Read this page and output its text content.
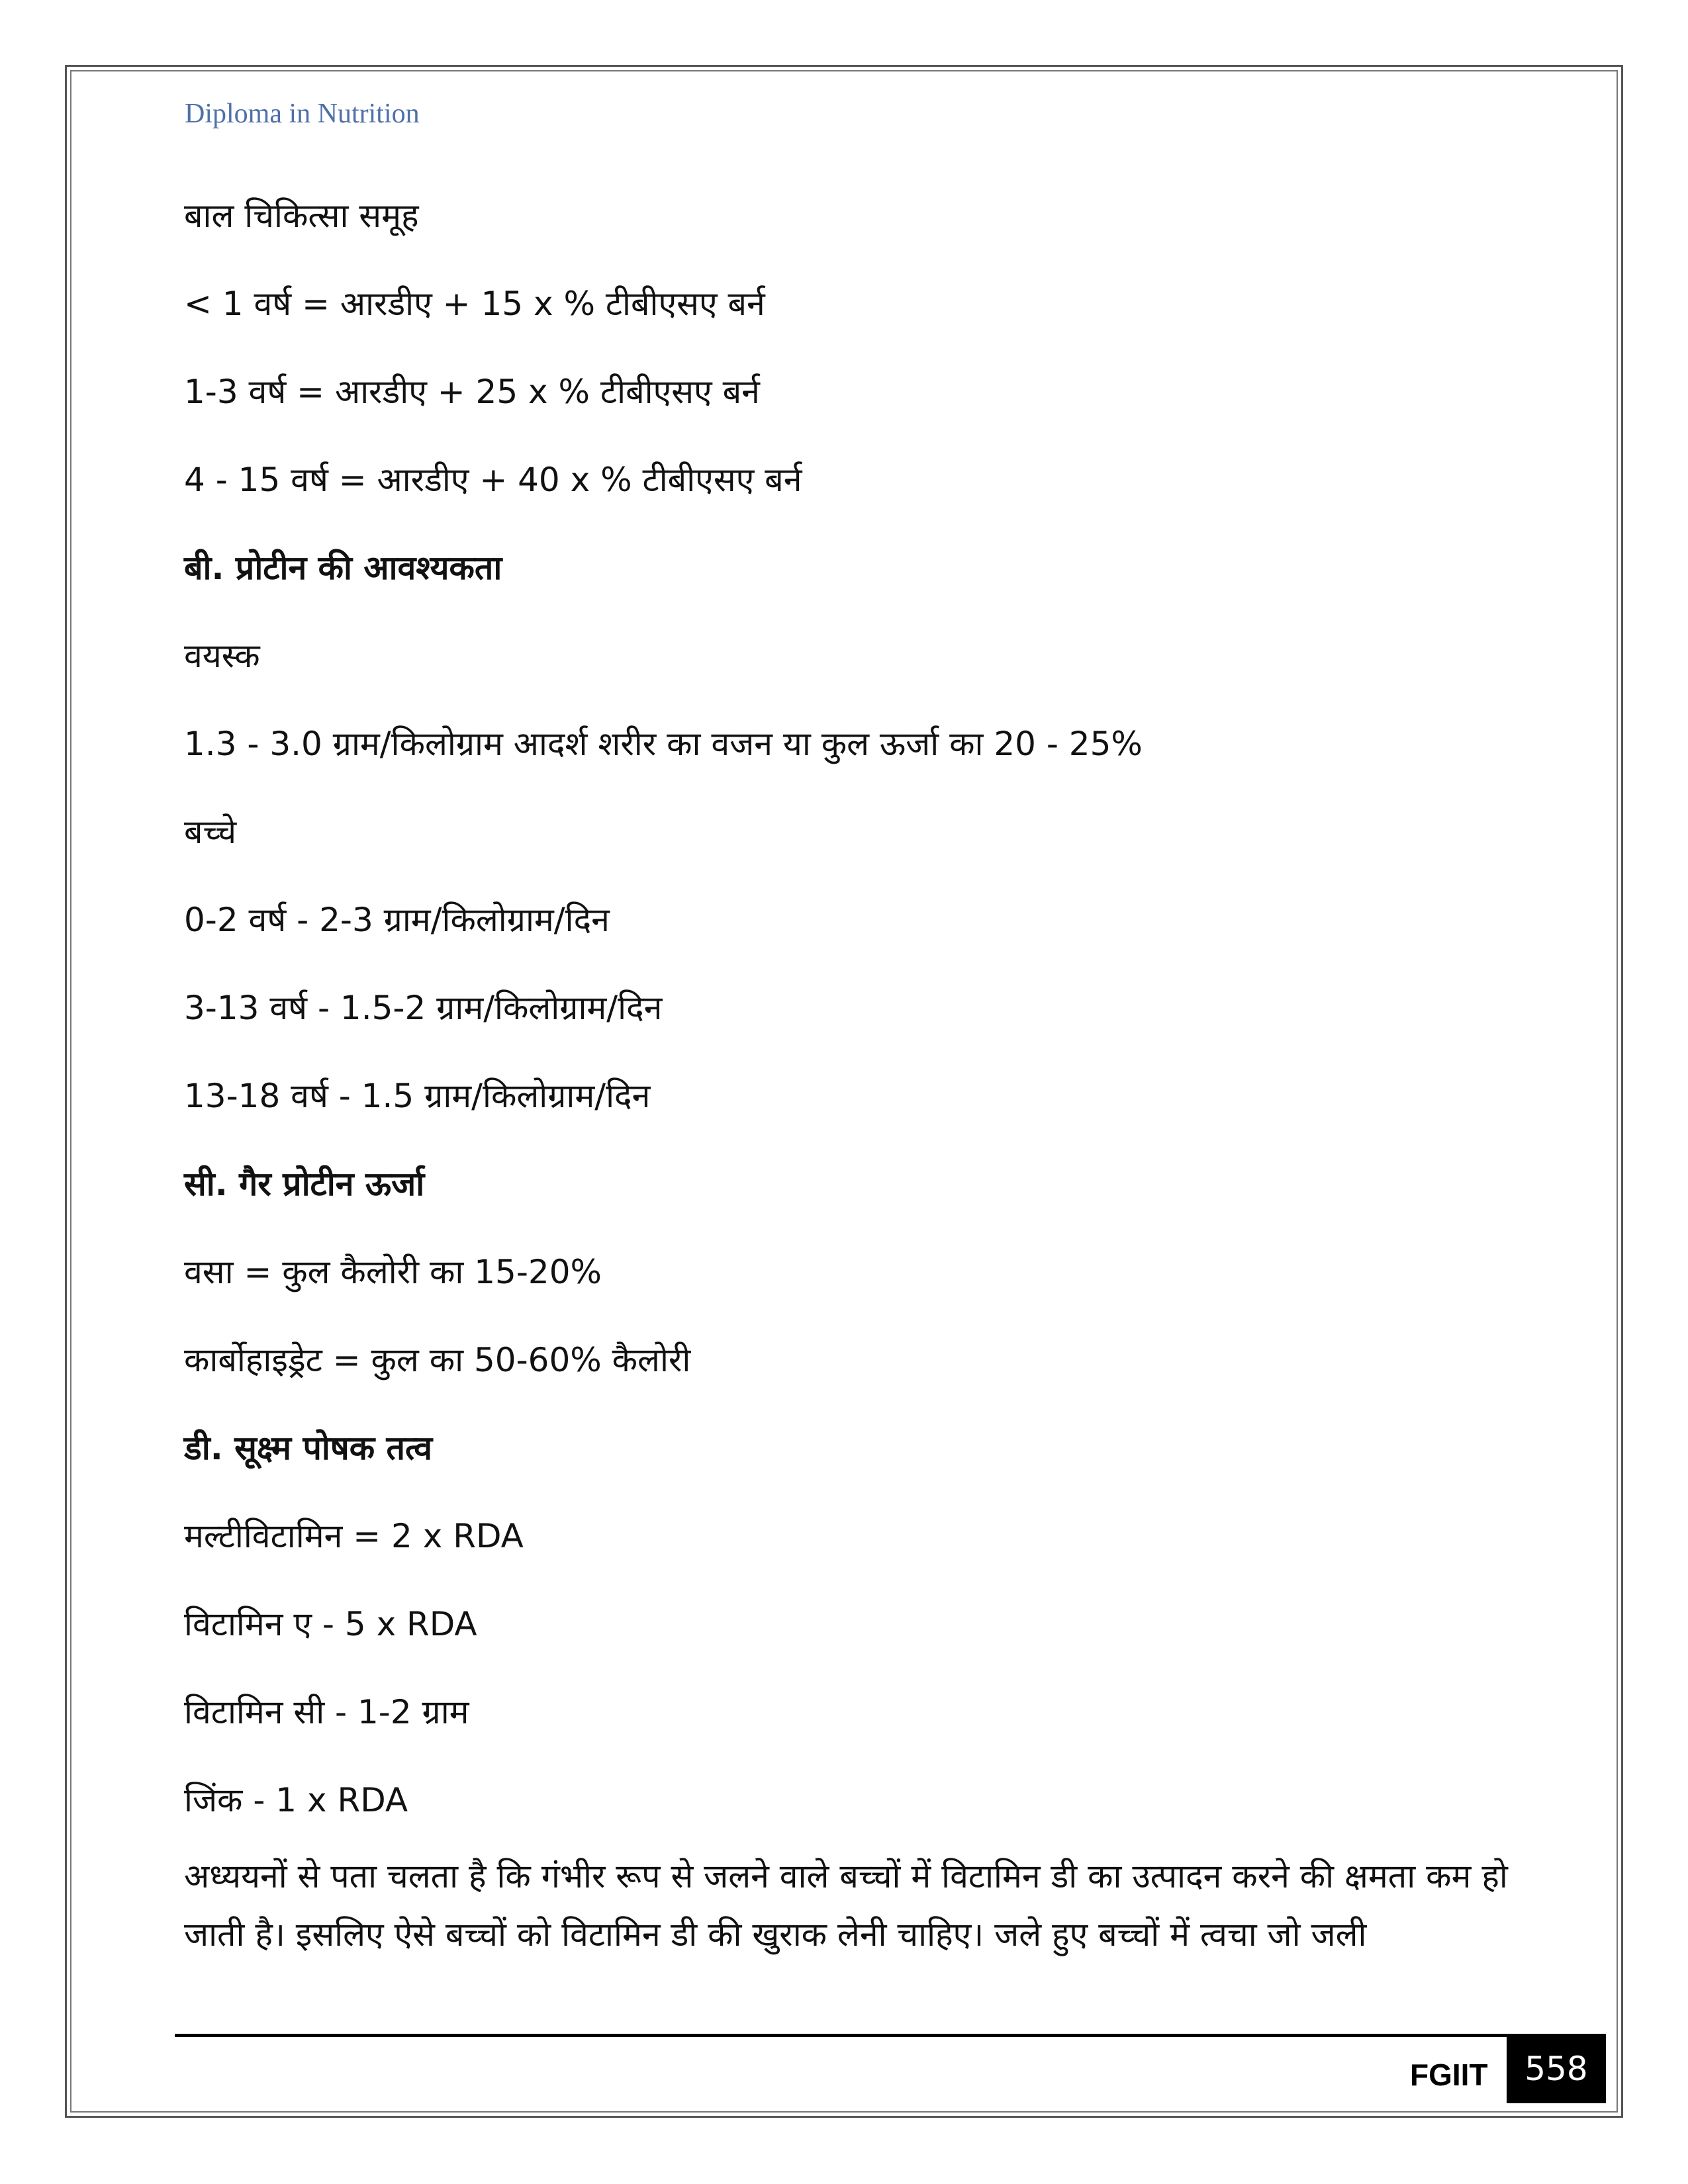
Diploma in Nutrition
बाल चिकित्सा समूह
< 1 वर्ष = आरडीए + 15 x % टीबीएसए बर्न
1-3 वर्ष = आरडीए + 25 x % टीबीएसए बर्न
4 - 15 वर्ष = आरडीए + 40 x % टीबीएसए बर्न
बी. प्रोटीन की आवश्यकता
वयस्क
1.3 - 3.0 ग्राम/किलोग्राम आदर्श शरीर का वजन या कुल ऊर्जा का 20 - 25%
बच्चे
0-2 वर्ष - 2-3 ग्राम/किलोग्राम/दिन
3-13 वर्ष - 1.5-2 ग्राम/किलोग्राम/दिन
13-18 वर्ष - 1.5 ग्राम/किलोग्राम/दिन
सी. गैर प्रोटीन ऊर्जा
वसा = कुल कैलोरी का 15-20%
कार्बोहाइड्रेट = कुल का 50-60% कैलोरी
डी. सूक्ष्म पोषक तत्व
मल्टीविटामिन = 2 x RDA
विटामिन ए - 5 x RDA
विटामिन सी - 1-2 ग्राम
जिंक - 1 x RDA
अध्ययनों से पता चलता है कि गंभीर रूप से जलने वाले बच्चों में विटामिन डी का उत्पादन करने की क्षमता कम हो जाती है। इसलिए ऐसे बच्चों को विटामिन डी की खुराक लेनी चाहिए। जले हुए बच्चों में त्वचा जो जली
FGIIT	558
